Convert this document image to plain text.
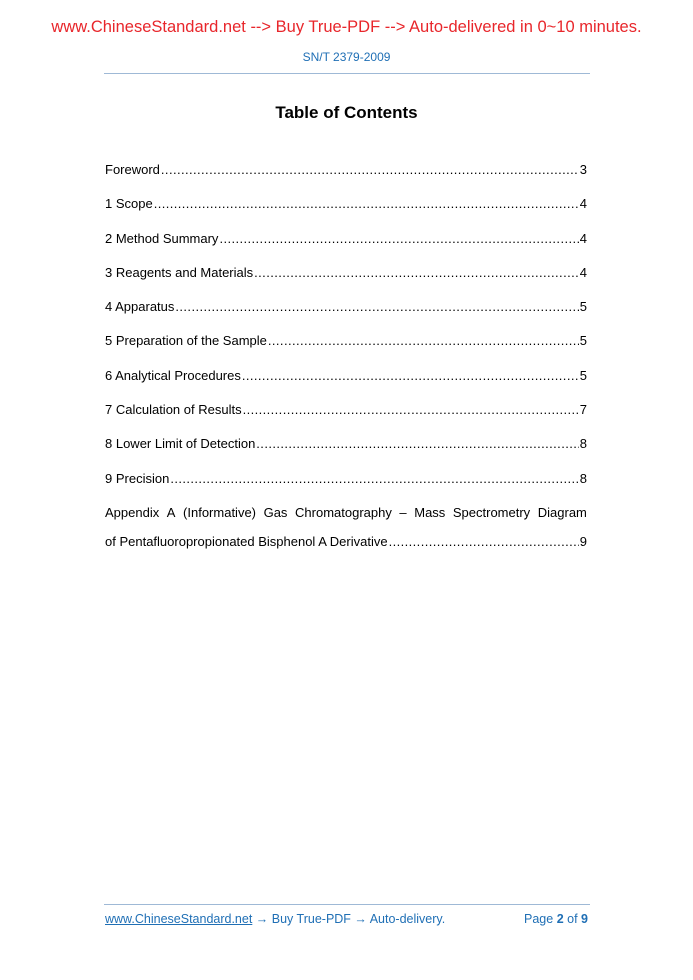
www.ChineseStandard.net --> Buy True-PDF --> Auto-delivered in 0~10 minutes.
SN/T 2379-2009
Table of Contents
Foreword .....	3
1 Scope .....	4
2 Method Summary .....	4
3 Reagents and Materials .....	4
4 Apparatus .....	5
5 Preparation of the Sample .....	5
6 Analytical Procedures .....	5
7 Calculation of Results .....	7
8 Lower Limit of Detection .....	8
9 Precision .....	8
Appendix A (Informative) Gas Chromatography – Mass Spectrometry Diagram
of Pentafluoropropionated Bisphenol A Derivative .....	9
www.ChineseStandard.net → Buy True-PDF → Auto-delivery.	Page 2 of 9
